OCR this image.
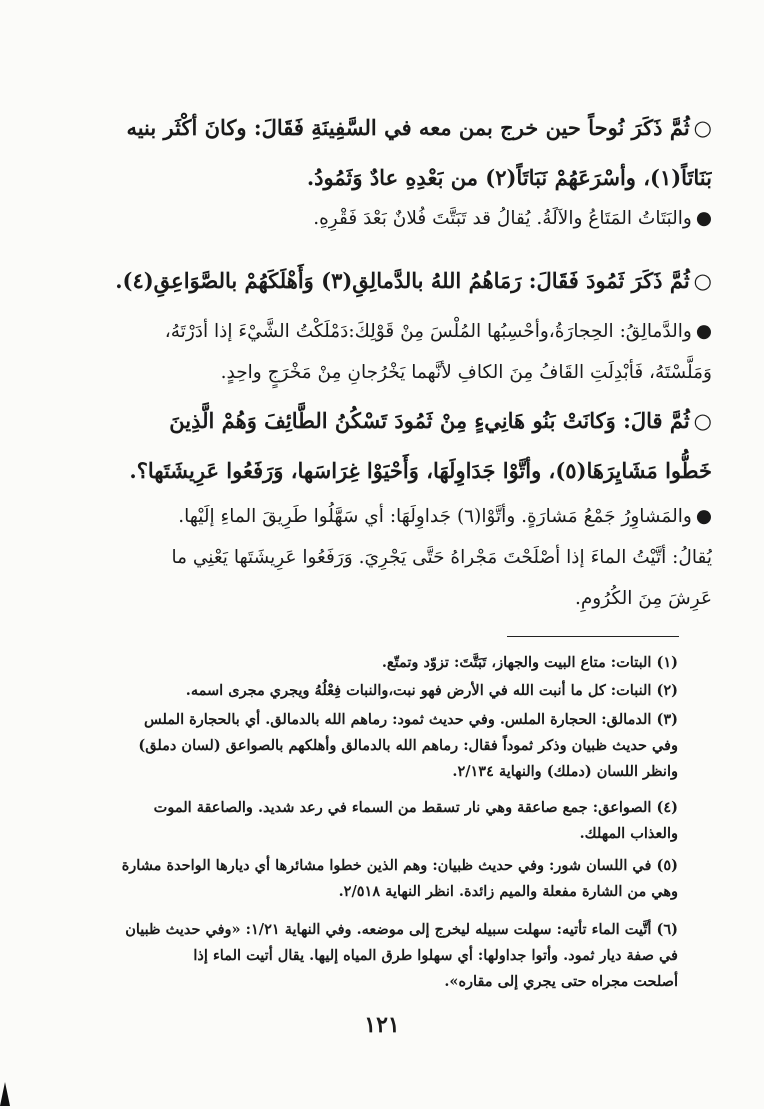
○ثُمَّ ذَكَرَ نُوحاً حين خرج بمن معه في السَّفِينَةِ فَقَالَ: وكانَ أكْثَر بنيه
بَنَاتَاً(١)، وأسْرَعَهُمْ نَبَاتَاً(٢) من بَعْدِهِ عادٌ وَثَمُودُ.
●والبَتَاتُ المَتَاعُ والآلَةُ. يُقالُ قد تَبَتَّتَ فُلانٌ بَعْدَ فَقْرِهِ.
○ثُمَّ ذَكَرَ ثَمُودَ فَقَالَ: رَمَاهُمُ اللهُ بالدَّمالِقِ(٣) وَأَهْلَكَهُمْ بالصَّوَاعِقِ(٤).
●والدَّمالِقُ: الحِجارَةُ،وأحْسِبُها المُلْسَ مِنْ قَوْلِكَ:دَمْلَكْتُ الشَّيْءَ إذا أدَرْتَهُ،
وَمَلَّسْتَهُ، فَأبْدِلَتِ القَافُ مِنَ الكافِ لأنَّهما يَخْرُجانِ مِنْ مَخْرَجٍ واحِدٍ.
○ثُمَّ قالَ: وَكانَتْ بَنُو هَانِيءٍ مِنْ ثَمُودَ تَسْكُنُ الطَّائِفَ وَهُمْ الَّذِينَ
خَطُّوا مَشَايِرَهَا(٥)، وأتَّوْا جَدَاوِلَهَا، وَأَحْيَوْا غِرَاسَها، وَرَفَعُوا عَرِيشَتَها؟.
●والمَشاوِرُ جَمْعُ مَشارَةٍ. وأتَّوْا(٦) جَداوِلَهَا: أي سَهَّلُوا طَرِيقَ الماءِ إلَيْها.
يُقالُ: أتَّيْتُ الماءَ إذا أصْلَحْتَ مَجْراهُ حَتَّى يَجْرِيَ. وَرَفَعُوا عَرِيشَتَها يَعْنِي ما
عَرِشَ مِنَ الكُرُومِ.
(١) البتات: متاع البيت والجهاز، تَبَتَّتَ: تزوّد وتمتّع.
(٢) النبات: كل ما أنبت الله في الأرض فهو نبت،والنبات فِعْلُهُ ويجري مجرى اسمه.
(٣) الدمالق: الحجارة الملس. وفي حديث ثمود: رماهم الله بالدمالق. أي بالحجارة الملس
وفي حديث ظبيان وذكر ثموداً فقال: رماهم الله بالدمالق وأهلكهم بالصواعق (لسان دملق)
وانظر اللسان (دملك) والنهاية ٢/١٣٤.
(٤) الصواعق: جمع صاعقة وهي نار تسقط من السماء في رعد شديد. والصاعقة الموت
والعذاب المهلك.
(٥) في اللسان شور: وفي حديث ظبيان: وهم الذين خطوا مشائرها أي ديارها الواحدة مشارة
وهي من الشارة مفعلة والميم زائدة. انظر النهاية ٢/٥١٨.
(٦) أتَّيت الماء تأتيه: سهلت سبيله ليخرج إلى موضعه. وفي النهاية ١/٢١: «وفي حديث ظبيان
في صفة ديار ثمود. وأتوا جداولها: أي سهلوا طرق المياه إليها. يقال أتيت الماء إذا
أصلحت مجراه حتى يجري إلى مقاره».
١٢١
